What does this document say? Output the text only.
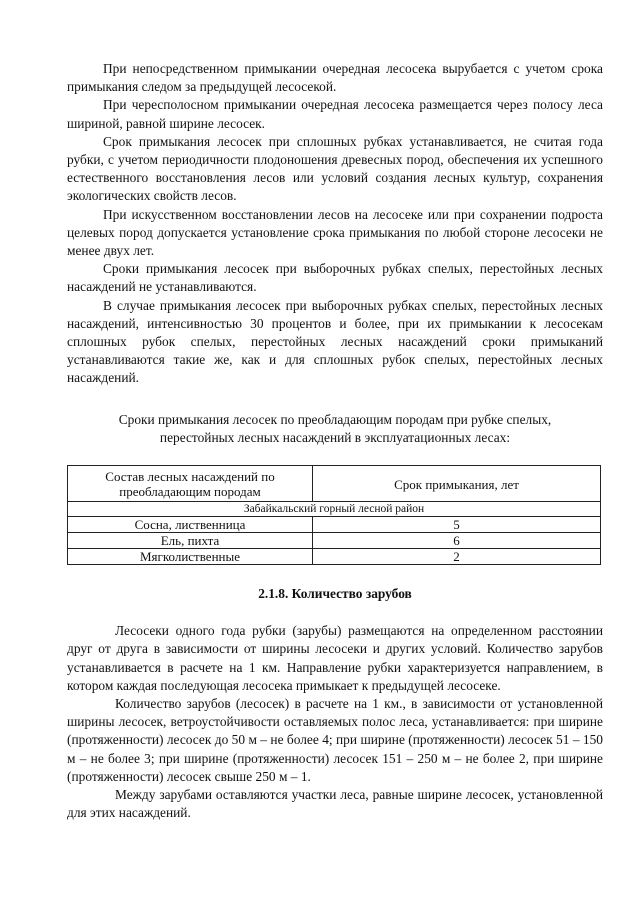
При непосредственном примыкании очередная лесосека вырубается с учетом срока примыкания следом за предыдущей лесосекой.

При чересполосном примыкании очередная лесосека размещается через полосу леса шириной, равной ширине лесосек.

Срок примыкания лесосек при сплошных рубках устанавливается, не считая года рубки, с учетом периодичности плодоношения древесных пород, обеспечения их успешного естественного восстановления лесов или условий создания лесных культур, сохранения экологических свойств лесов.

При искусственном восстановлении лесов на лесосеке или при сохранении подроста целевых пород допускается установление срока примыкания по любой стороне лесосеки не менее двух лет.

Сроки примыкания лесосек при выборочных рубках спелых, перестойных лесных насаждений не устанавливаются.

В случае примыкания лесосек при выборочных рубках спелых, перестойных лесных насаждений, интенсивностью 30 процентов и более, при их примыкании к лесосекам сплошных рубок спелых, перестойных лесных насаждений сроки примыканий устанавливаются такие же, как и для сплошных рубок спелых, перестойных лесных насаждений.

Сроки примыкания лесосек по преобладающим породам при рубке спелых, перестойных лесных насаждений в эксплуатационных лесах:

Состав лесных насаждений по преобладающим породам	Срок примыкания, лет
Забайкальский горный лесной район	
Сосна, лиственница	5
Ель, пихта	6
Мягколиственные	2

2.1.8. Количество зарубов

Лесосеки одного года рубки (зарубы) размещаются на определенном расстоянии друг от друга в зависимости от ширины лесосеки и других условий. Количество зарубов устанавливается в расчете на 1 км. Направление рубки характеризуется направлением, в котором каждая последующая лесосека примыкает к предыдущей лесосеке.

Количество зарубов (лесосек) в расчете на 1 км., в зависимости от установленной ширины лесосек, ветроустойчивости оставляемых полос леса, устанавливается: при ширине (протяженности) лесосек до 50 м – не более 4; при ширине (протяженности) лесосек 51 – 150 м – не более 3; при ширине (протяженности) лесосек 151 – 250 м – не более 2, при ширине (протяженности) лесосек свыше 250 м – 1.

Между зарубами оставляются участки леса, равные ширине лесосек, установленной для этих насаждений.
